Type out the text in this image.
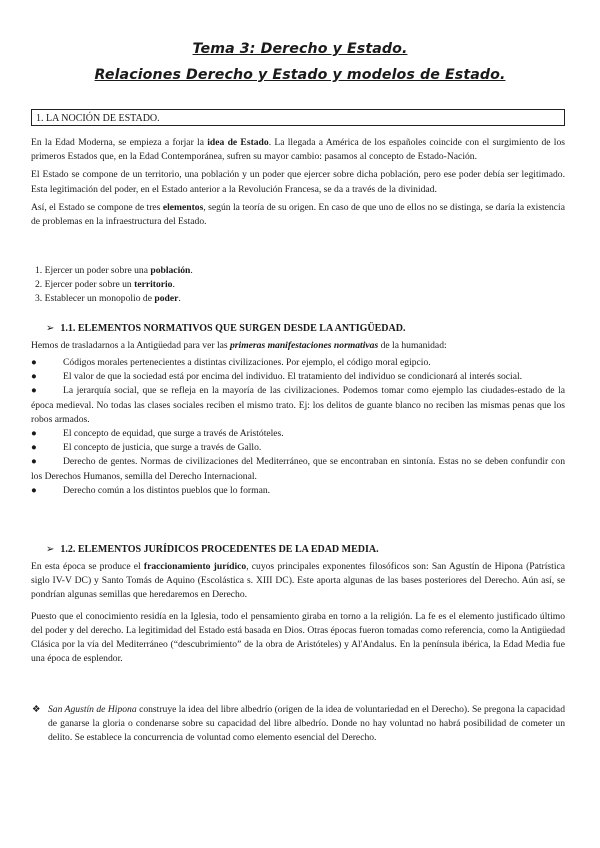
Tema 3: Derecho y Estado.
Relaciones Derecho y Estado y modelos de Estado.
1. LA NOCIÓN DE ESTADO.

En la Edad Moderna, se empieza a forjar la idea de Estado. La llegada a América de los españoles coincide con el surgimiento de los primeros Estados que, en la Edad Contemporánea, sufren su mayor cambio: pasamos al concepto de Estado-Nación.

El Estado se compone de un territorio, una población y un poder que ejercer sobre dicha población, pero ese poder debía ser legitimado. Esta legitimación del poder, en el Estado anterior a la Revolución Francesa, se da a través de la divinidad.

Así, el Estado se compone de tres elementos, según la teoría de su origen. En caso de que uno de ellos no se distinga, se daría la existencia de problemas en la infraestructura del Estado.

1. Ejercer un poder sobre una población.
2. Ejercer poder sobre un territorio.
3. Establecer un monopolio de poder.
➢ 1.1. ELEMENTOS NORMATIVOS QUE SURGEN DESDE LA ANTIGÜEDAD.

Hemos de trasladarnos a la Antigüedad para ver las primeras manifestaciones normativas de la humanidad:

●	Códigos morales pertenecientes a distintas civilizaciones. Por ejemplo, el código moral egipcio.
●	El valor de que la sociedad está por encima del individuo. El tratamiento del individuo se condicionará al interés social.
●	La jerarquía social, que se refleja en la mayoría de las civilizaciones. Podemos tomar como ejemplo las ciudades-estado de la época medieval. No todas las clases sociales reciben el mismo trato. Ej: los delitos de guante blanco no reciben las mismas penas que los robos armados.
●	El concepto de equidad, que surge a través de Aristóteles.
●	El concepto de justicia, que surge a través de Gallo.
●	Derecho de gentes. Normas de civilizaciones del Mediterráneo, que se encontraban en sintonía. Estas no se deben confundir con los Derechos Humanos, semilla del Derecho Internacional.
●	Derecho común a los distintos pueblos que lo forman.
➢ 1.2. ELEMENTOS JURÍDICOS PROCEDENTES DE LA EDAD MEDIA.

En esta época se produce el fraccionamiento jurídico, cuyos principales exponentes filosóficos son: San Agustín de Hipona (Patrística siglo IV-V DC) y Santo Tomás de Aquino (Escolástica s. XIII DC). Este aporta algunas de las bases posteriores del Derecho. Aún así, se pondrían algunas semillas que heredaremos en Derecho.

Puesto que el conocimiento residía en la Iglesia, todo el pensamiento giraba en torno a la religión. La fe es el elemento justificado último del poder y del derecho. La legitimidad del Estado está basada en Dios. Otras épocas fueron tomadas como referencia, como la Antigüedad Clásica por la vía del Mediterráneo (“descubrimiento” de la obra de Aristóteles) y Al'Andalus. En la península ibérica, la Edad Media fue una época de esplendor.

❖ San Agustín de Hipona construye la idea del libre albedrío (origen de la idea de voluntariedad en el Derecho). Se pregona la capacidad de ganarse la gloria o condenarse sobre su capacidad del libre albedrío. Donde no hay voluntad no habrá posibilidad de cometer un delito. Se establece la concurrencia de voluntad como elemento esencial del Derecho.
